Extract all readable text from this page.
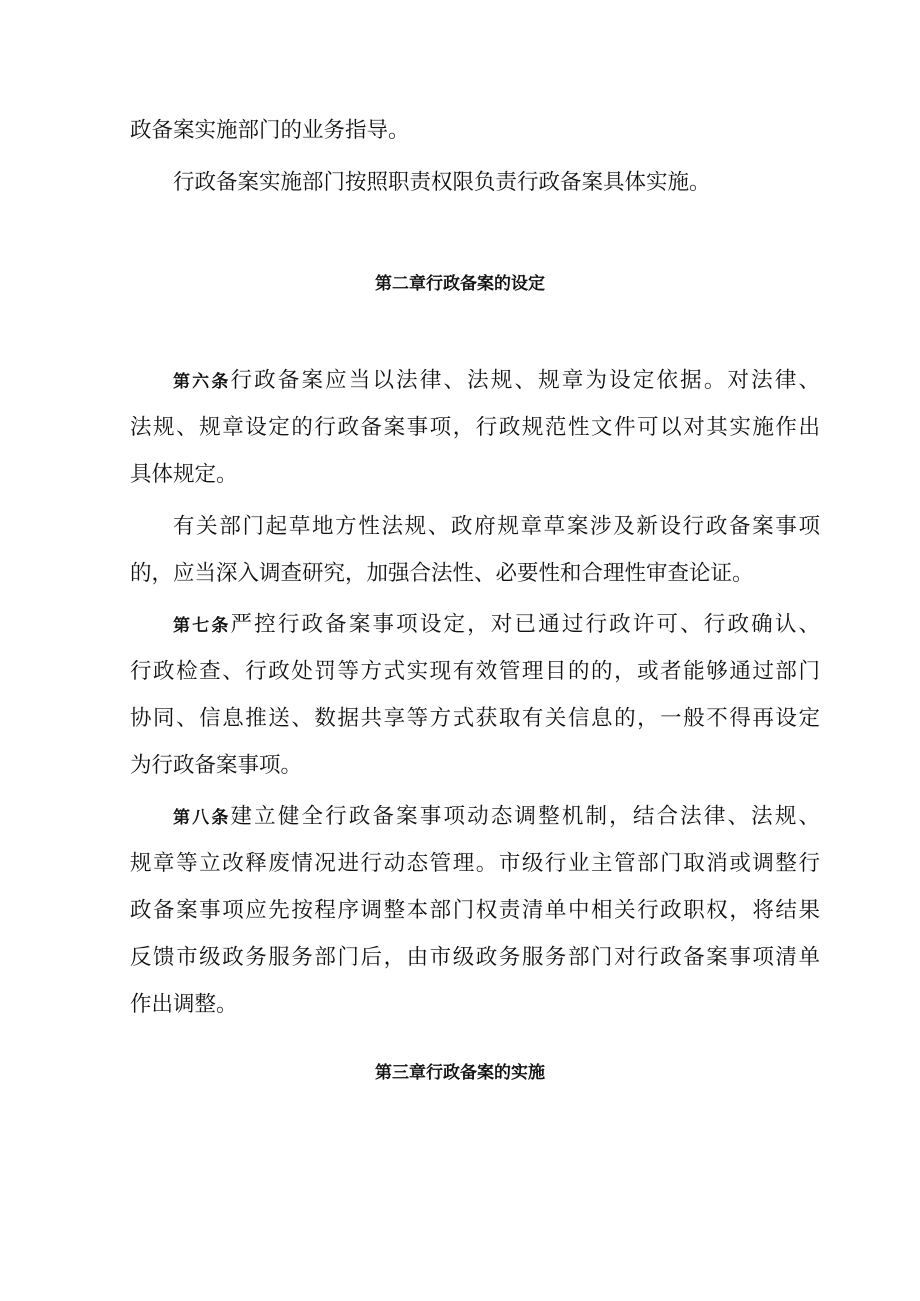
政备案实施部门的业务指导。
行政备案实施部门按照职责权限负责行政备案具体实施。
第二章行政备案的设定
第六条行政备案应当以法律、法规、规章为设定依据。对法律、
法规、规章设定的行政备案事项，行政规范性文件可以对其实施作出
具体规定。
有关部门起草地方性法规、政府规章草案涉及新设行政备案事项
的，应当深入调查研究，加强合法性、必要性和合理性审查论证。
第七条严控行政备案事项设定，对已通过行政许可、行政确认、
行政检查、行政处罚等方式实现有效管理目的的，或者能够通过部门
协同、信息推送、数据共享等方式获取有关信息的，一般不得再设定
为行政备案事项。
第八条建立健全行政备案事项动态调整机制，结合法律、法规、
规章等立改释废情况进行动态管理。市级行业主管部门取消或调整行
政备案事项应先按程序调整本部门权责清单中相关行政职权，将结果
反馈市级政务服务部门后，由市级政务服务部门对行政备案事项清单
作出调整。
第三章行政备案的实施
